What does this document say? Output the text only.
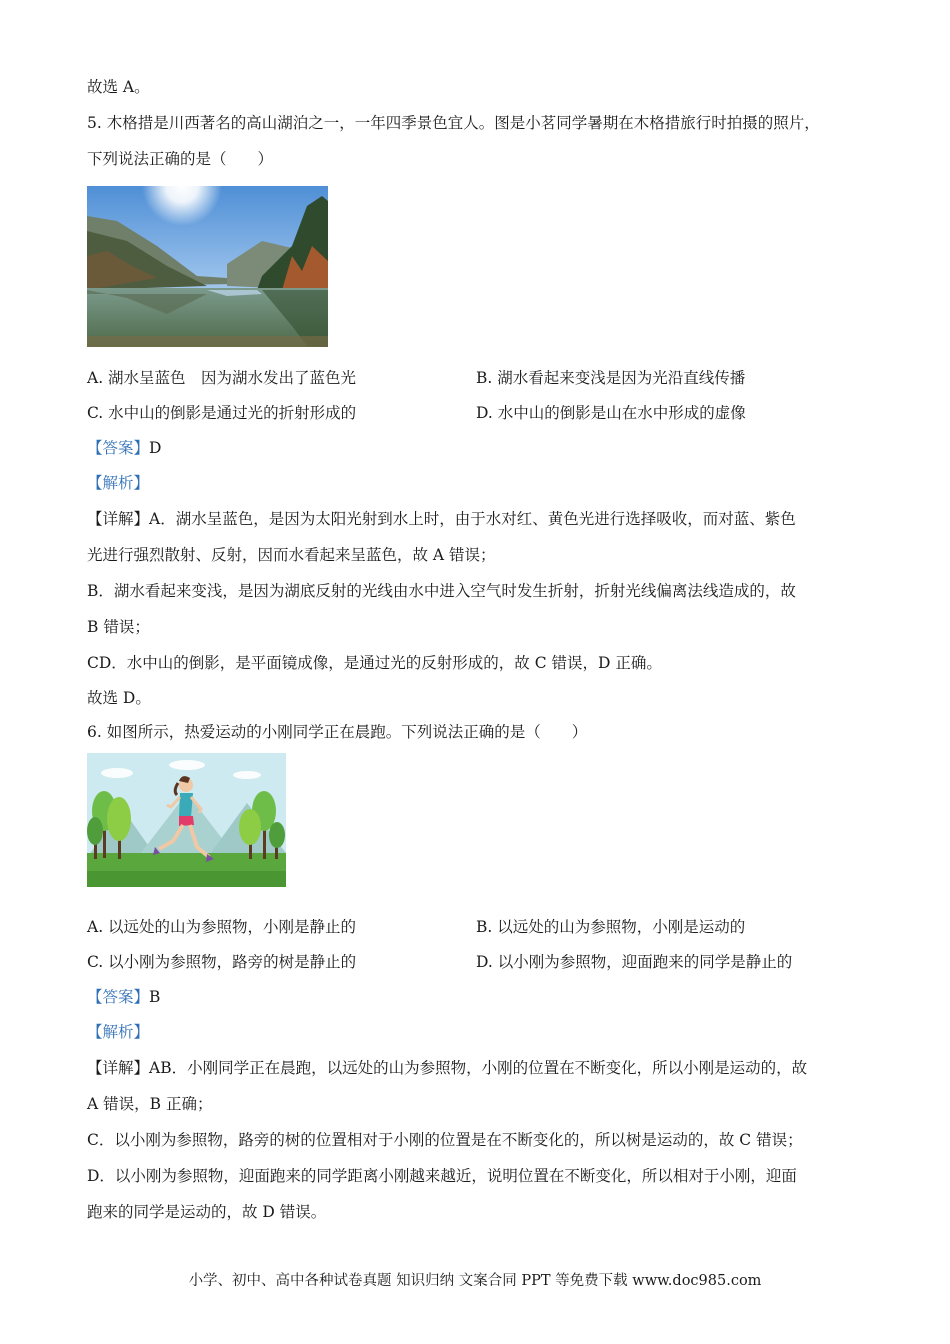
故选 A。
5. 木格措是川西著名的高山湖泊之一，一年四季景色宜人。图是小茗同学暑期在木格措旅行时拍摄的照片，
下列说法正确的是（　　）
A. 湖水呈蓝色　因为湖水发出了蓝色光	B. 湖水看起来变浅是因为光沿直线传播
C. 水中山的倒影是通过光的折射形成的	D. 水中山的倒影是山在水中形成的虚像
【答案】D
【解析】
【详解】A．湖水呈蓝色，是因为太阳光射到水上时，由于水对红、黄色光进行选择吸收，而对蓝、紫色
光进行强烈散射、反射，因而水看起来呈蓝色，故 A 错误；
B．湖水看起来变浅，是因为湖底反射的光线由水中进入空气时发生折射，折射光线偏离法线造成的，故
B 错误；
CD．水中山的倒影，是平面镜成像，是通过光的反射形成的，故 C 错误，D 正确。
故选 D。
6. 如图所示，热爱运动的小刚同学正在晨跑。下列说法正确的是（　　）
A. 以远处的山为参照物，小刚是静止的	B. 以远处的山为参照物，小刚是运动的
C. 以小刚为参照物，路旁的树是静止的	D. 以小刚为参照物，迎面跑来的同学是静止的
【答案】B
【解析】
【详解】AB．小刚同学正在晨跑，以远处的山为参照物，小刚的位置在不断变化，所以小刚是运动的，故
A 错误，B 正确；
C．以小刚为参照物，路旁的树的位置相对于小刚的位置是在不断变化的，所以树是运动的，故 C 错误；
D．以小刚为参照物，迎面跑来的同学距离小刚越来越近，说明位置在不断变化，所以相对于小刚，迎面
跑来的同学是运动的，故 D 错误。
小学、初中、高中各种试卷真题 知识归纳 文案合同 PPT 等免费下载 www.doc985.com
